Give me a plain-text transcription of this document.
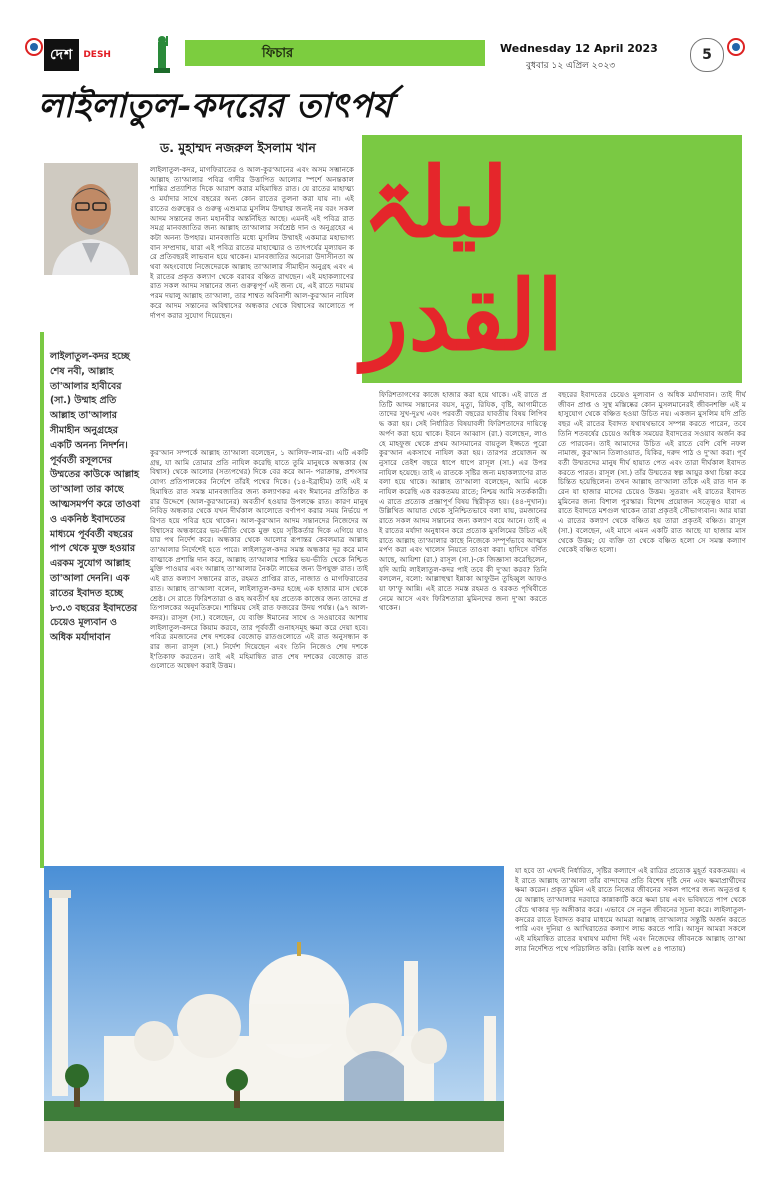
দেশ	DESH	ফিচার	Wednesday 12 April 2023
বুধবার ১২ এপ্রিল ২০২৩
5
লাইলাতুল-কদরের তাৎপর্য
ড. মুহাম্মদ নজরুল ইসলাম খান لیلۃ القدر

লাইলাতুল-কদর হচ্ছে শেষ নবী, আল্লাহ তা'আলার হাবীবের (সা.) উম্মাহ প্রতি আল্লাহ তা'আলার সীমাহীন অনুগ্রহের একটি অনন্য নিদর্শন। পূর্ববর্তী রসূলদের উম্মতের কাউকে আল্লাহ তা'আলা তার কাছে আত্মসমর্পণ করে তাওবা ও একনিষ্ঠ ইবাদতের মাধ্যমে পূর্ববর্তী বছরের পাপ থেকে মুক্ত হওয়ার এরকম সুযোগ আল্লাহ তা'আলা দেননি। এক রাতের ইবাদত হচ্ছে ৮৩.৩ বছরের ইবাদতের চেয়েও মূল্যবান ও অধিক মর্যাদাবান

লাইলাতুল-কদর, মাগফিরাতের ও আল-কুর'আনের এবং অসম সম্ভানকে আল্লাহ তা'আলার পবিত্র গাদীর উত্তাপিত আলোর স্পর্শে অনন্তকাল শান্তির প্রত্যাশিত দিকে আরাশ করার মহিমান্বিত রাত। যে রাতের মাহাত্ম্য ও মর্যাদার সাথে বছরের অন্য কোন রাতের তুলনা করা যায় না। এই রাতের গুরুত্বের ও গুরুত্ব এশুমাত্র মুসলিম উম্মাহর জন্যই নয় বরং সকল আদম সন্তানের জন্য মহানবীর অন্তর্নিহিত আছে। এমনই এই পবিত্র রাত সমগ্র মানবজাতির জন্য আল্লাহ তা'আলার সর্বশ্রেষ্ঠ দান ও অনুগ্রহের একটা অনন্য উপহার। মানবজাতি মধ্যে মুসলিম উম্মাহই একমাত্র মহাভাগ্যবান সম্প্রদায়, যারা এই পবিত্র রাতের মাহাত্ম্যের ও তাৎপর্যের মূল্যায়ন করে প্রতিবছরই লাভবান হয়ে থাকেন। মানবজাতির অন্যেরা উদাসীনতা অথবা অহংবোধে নিজেদেরকে আল্লাহ তা'আলার সীমাহীন অনুগ্রহ এবং এই রাতের প্রকৃত কল্যাণ থেকে বরাবর বঞ্চিত রাখছেন। এই মহাকল্যাণের রাত সকল আদম সন্তানের জন্য গুরুত্বপূর্ণ এই জন্য যে, এই রাতে দয়াময় পরম দয়ালু আল্লাহ তা'আলা, তার শাশ্বত অবিনাশী আল-কুর'আন নাযিল করে আদম সন্তানের অবিশ্বাসের অন্ধকার থেকে বিশ্বাসের আলোতে পর্দাপণ করার সুযোগ দিয়েছেন।
কুর'আন সম্পর্কে আল্লাহ তা'আলা বলেছেন, ১ আলিফ-লাম-রা। এটি একটি গ্রন্থ, যা আমি তোমার প্রতি নাযিল করেছি যাতে তুমি মানুষকে অন্ধকার (অবিশ্বাস) থেকে আলোর (সত্যপথের) দিকে বের করে আন- পরাক্রান্ত, প্রশংসার যোগ্য প্রতিপালকের নির্দেশে তাঁরই পথের দিকে। (১৪-ইব্রাহীম) তাই এই মহিমান্বিত রাত সমস্ত মানবজাতির জন্য কল্যাণকর এবং ঈমানের প্রতিষ্ঠিত করার উদ্দেশে (আল-কুর'আনের) অবতীর্ণ হওয়ার উপলক্ষে রাত। কারণ মানুষ নিবিড় অন্ধকার থেকে যখন দীর্ঘকাল আলোতে বর্ণাপণ করার সময় নির্ভয়ে পরিণত হয়ে পবিত্র হয়ে থাকেন। আল-কুর'আন আদম সন্তানদের নিজেদের অবিশ্বাসের অন্ধকারের ভয়-ভীতি থেকে মুক্ত হয়ে সৃষ্টিকর্তার দিকে এগিয়ে যাওয়ার পথ নির্দেশ করে। অন্ধকার থেকে আলোর রূপান্তর কেবলমাত্র আল্লাহ তা'আলার নির্দেশেই হতে পারে। লাইলাতুল-কদর সমস্ত অন্ধকার দূর করে মানবাত্মাকে প্রশান্তি দান করে, আল্লাহ তা'আলার শান্তির ভয়-ভীতি থেকে নিশ্চিত মুক্তি পাওয়ার এবং আল্লাহ তা'আলার নৈকট্য লাভের জন্য উপযুক্ত রাত। তাই এই রাত কল্যাণ সন্ধানের রাত, রহমত প্রাপ্তির রাত, নাজাত ও মাগফিরাতের রাত। আল্লাহ তা'আলা বলেন, লাইলাতুল-কদর হচ্ছে এক হাজার মাস থেকে শ্রেষ্ঠ। সে রাতে ফিরিশতারা ও রূহ অবতীর্ণ হয় প্রত্যেক কাজের জন্য তাদের প্রতিপালকের অনুমতিক্রমে। শান্তিময় সেই রাত ফজরের উদয় পর্যন্ত। (৯৭ আল-কদর)। রাসূল (সা.) বলেছেন, যে ব্যক্তি ঈমানের সাথে ও সওয়াবের আশায় লাইলাতুল-কদরে কিয়াম করবে, তার পূর্ববর্তী গুনাহসমূহ ক্ষমা করে দেয়া হবে। পবিত্র রমজানের শেষ দশকের বেজোড় রাতগুলোতে এই রাত অনুসন্ধান করার জন্য রাসূল (সা.) নির্দেশ দিয়েছেন এবং তিনি নিজেও শেষ দশকে ই'তিকাফ করতেন। তাই এই মহিমান্বিত রাত শেষ দশকের বেজোড় রাতগুলোতে অন্বেষণ করাই উত্তম।
ফিরিশতাগণের কাজে হাজার করা হয়ে থাকে। এই রাতে প্রতিটি আদম সন্তানের বয়স, মৃত্যু, রিযিক, বৃষ্টি, আগামীতে তাদের সুখ-দুঃখ এবং পরবর্তী বছরের যাবতীয় বিষয় লিপিবদ্ধ করা হয়। সেই নির্ধারিত বিষয়াবলী ফিরিশতাদের দায়িত্বে অর্পণ করা হয়ে থাকে। ইবনে আব্বাস (রা.) বলেছেন, লাওহে মাহফুজ থেকে প্রথম আসমানের বায়তুল ইজ্জতে পুরো কুর'আন একসাথে নাযিল করা হয়। তারপর প্রয়োজন অনুসারে তেইশ বছরে ধাপে ধাপে রাসূল (সা.) এর উপর নাযিল হয়েছে। তাই এ রাতকে সৃষ্টির জন্য মহাকল্যাণের রাত বলা হয়ে থাকে। আল্লাহ তা'আলা বলেছেন, আমি একে নাযিল করেছি এক বরকতময় রাতে; নিশ্চয় আমি সতর্ককারী। এ রাতে প্রত্যেক প্রজ্ঞাপূর্ণ বিষয় স্থিরীকৃত হয়। (৪৪-দুখান)। উল্লিখিত আয়াত থেকে সুনিশ্চিতভাবে বলা যায়, রমজানের রাতে সকল আদম সন্তানের জন্য কল্যাণ বয়ে আনে। তাই এই রাতের মর্যাদা অনুধাবন করে প্রত্যেক মুসলিমের উচিত এই রাতে আল্লাহ তা'আলার কাছে নিজেকে সম্পূর্ণভাবে আত্মসমর্পণ করা এবং খালেস নিয়তে তাওবা করা। হাদিসে বর্ণিত আছে, আয়িশা (রা.) রাসূল (সা.)-কে জিজ্ঞাসা করেছিলেন, যদি আমি লাইলাতুল-কদর পাই তবে কী দু'আ করব? তিনি বললেন, বলো: আল্লাহুম্মা ইন্নাকা আফুউন তুহিব্বুল আফওয়া ফা'ফু আন্নি। এই রাতে সমস্ত রহমত ও বরকত পৃথিবীতে নেমে আসে এবং ফিরিশতারা মুমিনদের জন্য দু'আ করতে থাকেন।
বছরের ইবাদতের চেয়েও মূল্যবান ও অধিক মর্যাদাবান। তাই দীর্ঘজীবন প্রাপ্ত ও সুস্থ মস্তিষ্কের কোন মুসলমানেরই জীবনশক্তি এই মহাসুযোগ থেকে বঞ্চিত হওয়া উচিত নয়। একজন মুসলিম যদি প্রতি বছর এই রাতের ইবাদত যথাযথভাবে সম্পন্ন করতে পারেন, তবে তিনি শতবর্ষের চেয়েও অধিক সময়ের ইবাদতের সওয়াব অর্জন করতে পারবেন। তাই আমাদের উচিত এই রাতে বেশি বেশি নফল নামাজ, কুর'আন তিলাওয়াত, যিকির, দরুদ পাঠ ও দু'আ করা। পূর্ববর্তী উম্মতদের মানুষ দীর্ঘ হায়াত পেত এবং তারা দীর্ঘকাল ইবাদত করতে পারত। রাসূল (সা.) তাঁর উম্মতের স্বল্প আয়ুর কথা চিন্তা করে চিন্তিত হয়েছিলেন। তখন আল্লাহ তা'আলা তাঁকে এই রাত দান করেন যা হাজার মাসের চেয়েও উত্তম। সুতরাং এই রাতের ইবাদত মুমিনের জন্য বিশাল পুরস্কার। বিশেষ প্রয়োজন সত্ত্বেও যারা এ রাতে ইবাদতে মশগুল থাকেন তারা প্রকৃতই সৌভাগ্যবান। আর যারা এ রাতের কল্যাণ থেকে বঞ্চিত হয় তারা প্রকৃতই বঞ্চিত। রাসূল (সা.) বলেছেন, এই মাসে এমন একটি রাত আছে যা হাজার মাস থেকে উত্তম; যে ব্যক্তি তা থেকে বঞ্চিত হলো সে সমস্ত কল্যাণ থেকেই বঞ্চিত হলো।
যা হবে তা এখনই নির্ধারিত, সৃষ্টির কল্যাণে এই রাত্রির প্রত্যেক মুহূর্ত বরকতময়। এই রাতে আল্লাহ তা'আলা তাঁর বান্দাদের প্রতি বিশেষ দৃষ্টি দেন এবং ক্ষমাপ্রার্থীদের ক্ষমা করেন। প্রকৃত মুমিন এই রাতে নিজের জীবনের সকল পাপের জন্য অনুতপ্ত হয়ে আল্লাহ তা'আলার দরবারে কান্নাকাটি করে ক্ষমা চায় এবং ভবিষ্যতে পাপ থেকে বেঁচে থাকার দৃঢ় অঙ্গীকার করে। এভাবে সে নতুন জীবনের সূচনা করে। লাইলাতুল-কদরের রাতে ইবাদত করার মাধ্যমে আমরা আল্লাহ তা'আলার সন্তুষ্টি অর্জন করতে পারি এবং দুনিয়া ও আখিরাতের কল্যাণ লাভ করতে পারি। আসুন আমরা সকলে এই মহিমান্বিত রাতের যথাযথ মর্যাদা দিই এবং নিজেদের জীবনকে আল্লাহ তা'আলার নির্দেশিত পথে পরিচালিত করি। (বাকি অংশ ৫৪ পাতায়)
